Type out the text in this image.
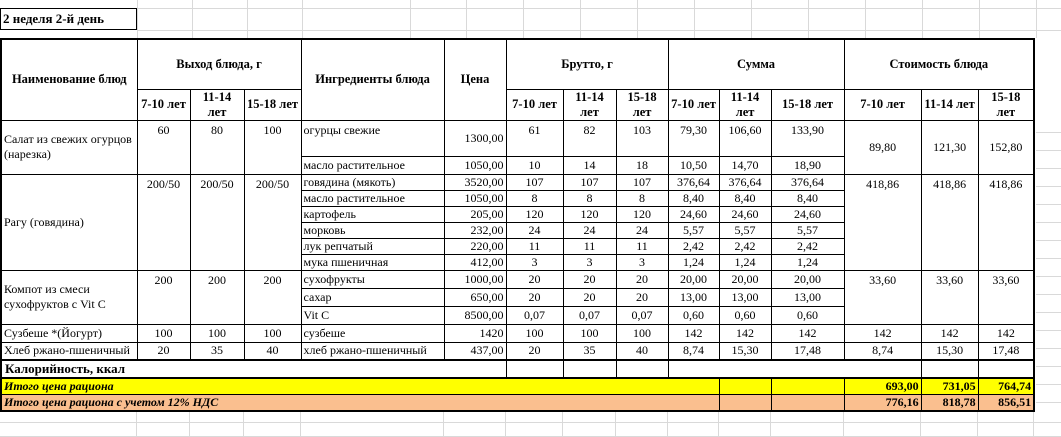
2 неделя 2-й день
Наименование блюд	Выход блюда, г			Ингредиенты блюда	Цена	Брутто, г			Сумма			Стоимость блюда		
	7-10 лет	11-14 лет	15-18 лет			7-10 лет	11-14 лет	15-18 лет	7-10 лет	11-14 лет	15-18 лет	7-10 лет	11-14 лет	15-18 лет
Салат из свежих огурцов (нарезка)	60	80	100	огурцы свежие	1300,00	61	82	103	79,30	106,60	133,90	89,80	121,30	152,80
				масло растительное	1050,00	10	14	18	10,50	14,70	18,90			
Рагу (говядина)	200/50	200/50	200/50	говядина (мякоть)	3520,00	107	107	107	376,64	376,64	376,64	418,86	418,86	418,86
				масло растительное	1050,00	8	8	8	8,40	8,40	8,40			
				картофель	205,00	120	120	120	24,60	24,60	24,60			
				морковь	232,00	24	24	24	5,57	5,57	5,57			
				лук репчатый	220,00	11	11	11	2,42	2,42	2,42			
				мука пшеничная	412,00	3	3	3	1,24	1,24	1,24			
Компот из смеси сухофруктов с Vit C	200	200	200	сухофрукты	1000,00	20	20	20	20,00	20,00	20,00	33,60	33,60	33,60
				сахар	650,00	20	20	20	13,00	13,00	13,00			
				Vit C	8500,00	0,07	0,07	0,07	0,60	0,60	0,60			
Сузбеше *(Йогурт)	100	100	100	сузбеше	1420	100	100	100	142	142	142	142	142	142
Хлеб ржано-пшеничный	20	35	40	хлеб ржано-пшеничный	437,00	20	35	40	8,74	15,30	17,48	8,74	15,30	17,48
Калорийность, ккал														
Итого цена рациона												693,00	731,05	764,74
Итого цена рациона с учетом 12% НДС												776,16	818,78	856,51
